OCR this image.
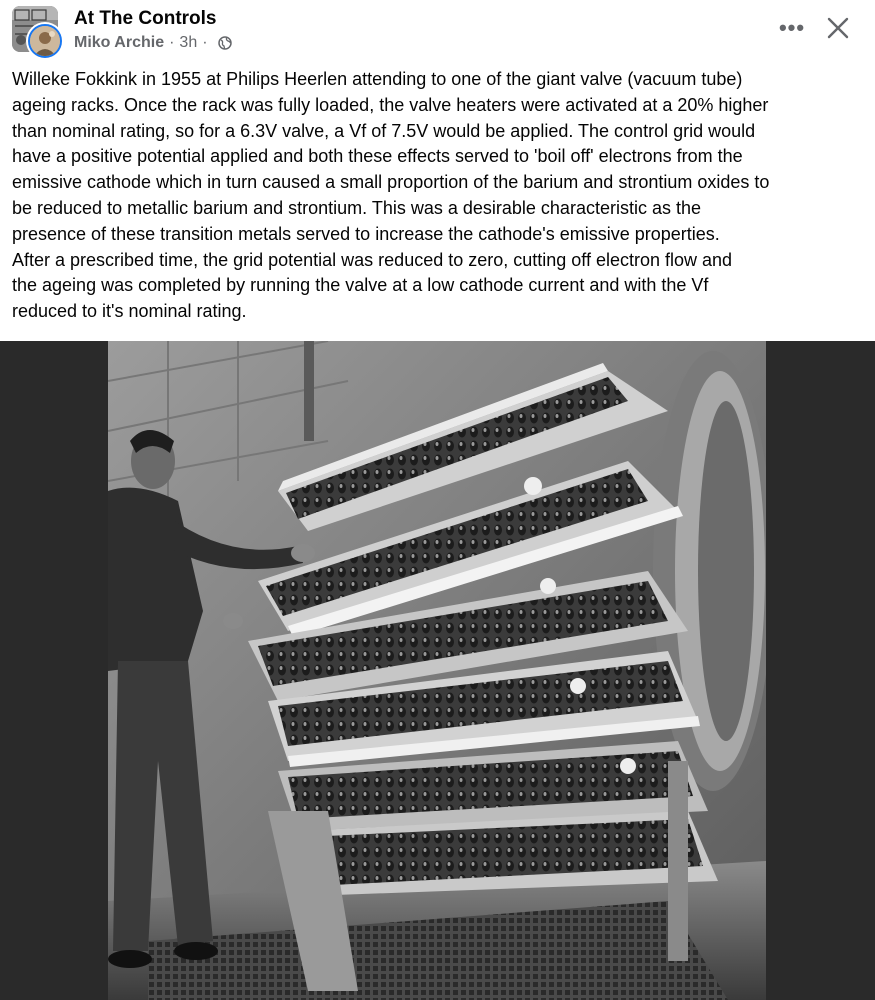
At The Controls
Miko Archie · 3h ·
•••

Willeke Fokkink in 1955 at Philips Heerlen attending to one of the giant valve (vacuum tube)
ageing racks. Once the rack was fully loaded, the valve heaters were activated at a 20% higher
than nominal rating, so for a 6.3V valve, a Vf of 7.5V would be applied. The control grid would
have a positive potential applied and both these effects served to 'boil off' electrons from the
emissive cathode which in turn caused a small proportion of the barium and strontium oxides to
be reduced to metallic barium and strontium. This was a desirable characteristic as the
presence of these transition metals served to increase the cathode's emissive properties.
After a prescribed time, the grid potential was reduced to zero, cutting off electron flow and
the ageing was completed by running the valve at a low cathode current and with the Vf
reduced to it's nominal rating.
